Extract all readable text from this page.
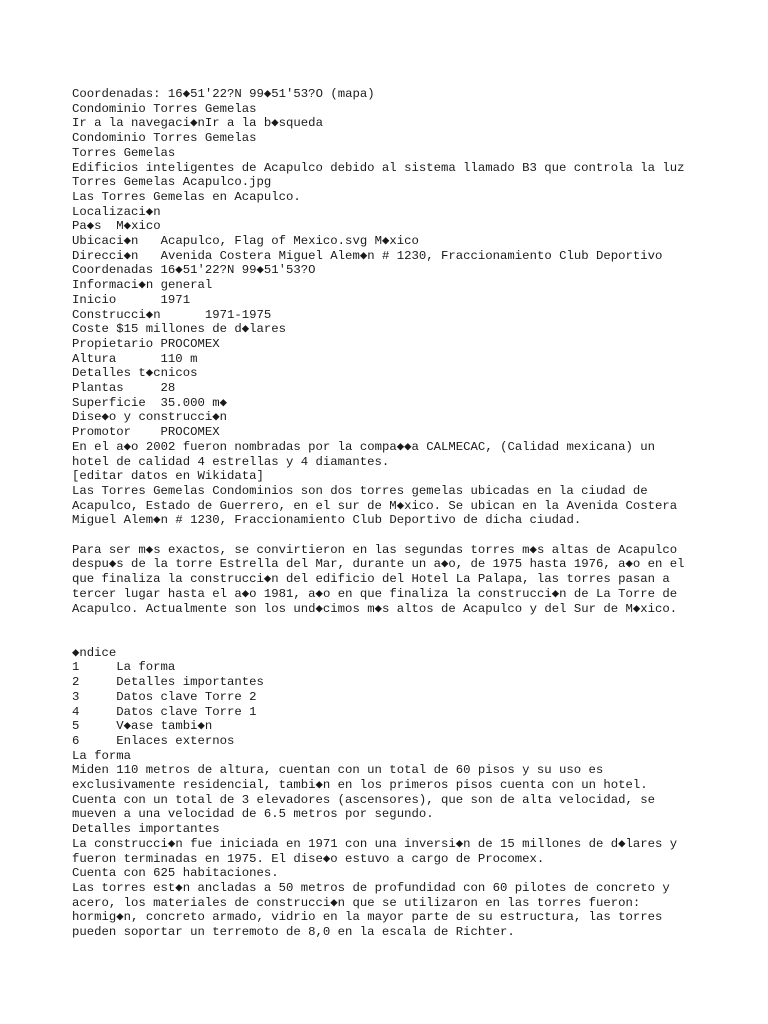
Coordenadas: 16◆51'22?N 99◆51'53?O (mapa)
Condominio Torres Gemelas
Ir a la navegaci◆nIr a la b◆squeda
Condominio Torres Gemelas
Torres Gemelas
Edificios inteligentes de Acapulco debido al sistema llamado B3 que controla la luz
Torres Gemelas Acapulco.jpg
Las Torres Gemelas en Acapulco.
Localizaci◆n
Pa◆s  M◆xico
Ubicaci◆n   Acapulco, Flag of Mexico.svg M◆xico
Direcci◆n   Avenida Costera Miguel Alem◆n # 1230, Fraccionamiento Club Deportivo
Coordenadas 16◆51'22?N 99◆51'53?O
Informaci◆n general
Inicio      1971
Construcci◆n      1971-1975
Coste $15 millones de d◆lares
Propietario PROCOMEX
Altura      110 m
Detalles t◆cnicos
Plantas     28
Superficie  35.000 m◆
Dise◆o y construcci◆n
Promotor    PROCOMEX
En el a◆o 2002 fueron nombradas por la compa◆◆a CALMECAC, (Calidad mexicana) un
hotel de calidad 4 estrellas y 4 diamantes.
[editar datos en Wikidata]
Las Torres Gemelas Condominios son dos torres gemelas ubicadas en la ciudad de
Acapulco, Estado de Guerrero, en el sur de M◆xico. Se ubican en la Avenida Costera
Miguel Alem◆n # 1230, Fraccionamiento Club Deportivo de dicha ciudad.
Para ser m◆s exactos, se convirtieron en las segundas torres m◆s altas de Acapulco
despu◆s de la torre Estrella del Mar, durante un a◆o, de 1975 hasta 1976, a◆o en el
que finaliza la construcci◆n del edificio del Hotel La Palapa, las torres pasan a
tercer lugar hasta el a◆o 1981, a◆o en que finaliza la construcci◆n de La Torre de
Acapulco. Actualmente son los und◆cimos m◆s altos de Acapulco y del Sur de M◆xico.
◆ndice
1     La forma
2     Detalles importantes
3     Datos clave Torre 2
4     Datos clave Torre 1
5     V◆ase tambi◆n
6     Enlaces externos
La forma
Miden 110 metros de altura, cuentan con un total de 60 pisos y su uso es
exclusivamente residencial, tambi◆n en los primeros pisos cuenta con un hotel.
Cuenta con un total de 3 elevadores (ascensores), que son de alta velocidad, se
mueven a una velocidad de 6.5 metros por segundo.
Detalles importantes
La construcci◆n fue iniciada en 1971 con una inversi◆n de 15 millones de d◆lares y
fueron terminadas en 1975. El dise◆o estuvo a cargo de Procomex.
Cuenta con 625 habitaciones.
Las torres est◆n ancladas a 50 metros de profundidad con 60 pilotes de concreto y
acero, los materiales de construcci◆n que se utilizaron en las torres fueron:
hormig◆n, concreto armado, vidrio en la mayor parte de su estructura, las torres
pueden soportar un terremoto de 8,0 en la escala de Richter.
